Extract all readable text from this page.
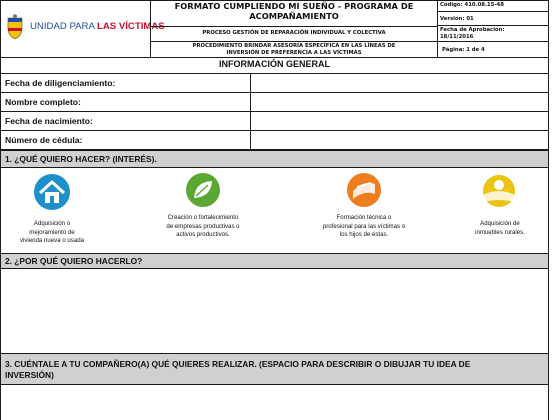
UNIDAD PARA LAS VÍCTIMAS
FORMATO CUMPLIENDO MI SUEÑO - PROGRAMA DE
ACOMPAÑAMIENTO
PROCESO GESTIÓN DE REPARACIÓN INDIVIDUAL Y COLECTIVA
PROCEDIMIENTO BRINDAR ASESORÍA ESPECÍFICA EN LAS LÍNEAS DE
INVERSIÓN DE PREFERENCIA A LAS VÍCTIMAS
Código: 410.08.15-48
Versión: 01
Fecha de Aprobación:
18/11/2016
Página: 1 de 4
INFORMACIÓN GENERAL
Fecha de diligenciamiento:
Nombre completo:
Fecha de nacimiento:
Número de cédula:
1. ¿QUÉ QUIERO HACER? (INTERÉS).
Adquisición o
mejoramiento de
vivienda nueva o usada
Creación o fortalecimiento
de empresas productivas o
activos productivos.
Formación técnica o
profesional para las víctimas o
los hijos de éstas.
Adquisición de
inmuebles rurales.
2. ¿POR QUÉ QUIERO HACERLO?
3. CUÉNTALE A TU COMPAÑERO(A) QUÉ QUIERES REALIZAR. (ESPACIO PARA DESCRIBIR O DIBUJAR TU IDEA DE
INVERSIÓN)
